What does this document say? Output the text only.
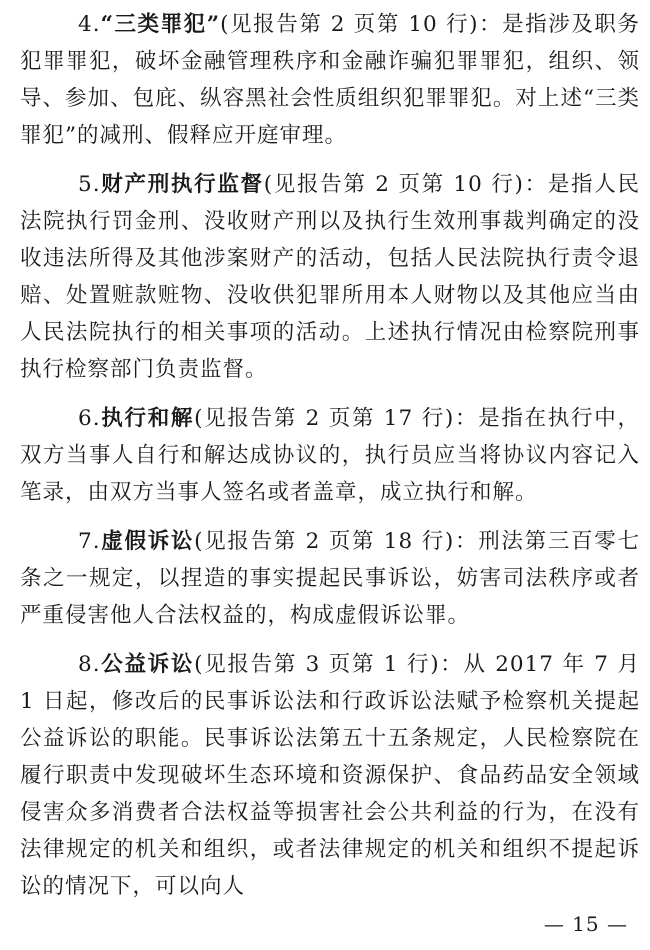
4.“三类罪犯”(见报告第 2 页第 10 行)：是指涉及职务犯罪罪犯，破坏金融管理秩序和金融诈骗犯罪罪犯，组织、领导、参加、包庇、纵容黑社会性质组织犯罪罪犯。对上述“三类罪犯”的减刑、假释应开庭审理。

5.财产刑执行监督(见报告第 2 页第 10 行)：是指人民法院执行罚金刑、没收财产刑以及执行生效刑事裁判确定的没收违法所得及其他涉案财产的活动，包括人民法院执行责令退赔、处置赃款赃物、没收供犯罪所用本人财物以及其他应当由人民法院执行的相关事项的活动。上述执行情况由检察院刑事执行检察部门负责监督。

6.执行和解(见报告第 2 页第 17 行)：是指在执行中，双方当事人自行和解达成协议的，执行员应当将协议内容记入笔录，由双方当事人签名或者盖章，成立执行和解。

7.虚假诉讼(见报告第 2 页第 18 行)：刑法第三百零七条之一规定，以捏造的事实提起民事诉讼，妨害司法秩序或者严重侵害他人合法权益的，构成虚假诉讼罪。

8.公益诉讼(见报告第 3 页第 1 行)：从 2017 年 7 月 1 日起，修改后的民事诉讼法和行政诉讼法赋予检察机关提起公益诉讼的职能。民事诉讼法第五十五条规定，人民检察院在履行职责中发现破坏生态环境和资源保护、食品药品安全领域侵害众多消费者合法权益等损害社会公共利益的行为，在没有法律规定的机关和组织，或者法律规定的机关和组织不提起诉讼的情况下，可以向人

— 15 —
